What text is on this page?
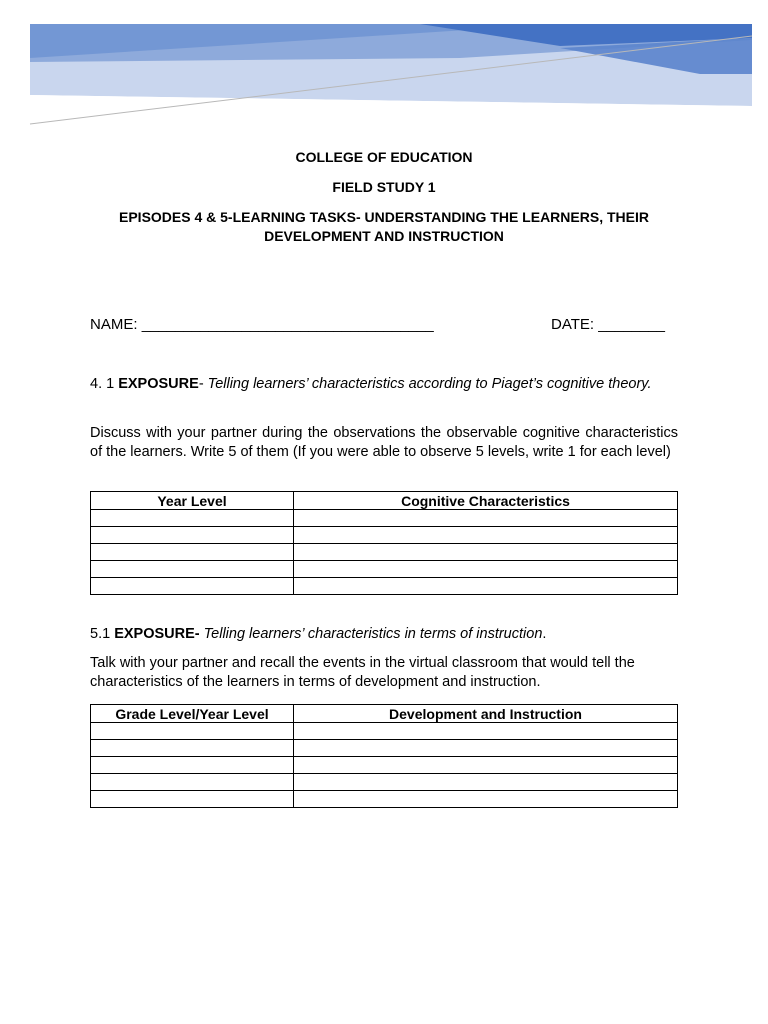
COLLEGE OF EDUCATION
FIELD STUDY 1
EPISODES 4 & 5-LEARNING TASKS- UNDERSTANDING THE LEARNERS, THEIR
DEVELOPMENT AND INSTRUCTION
NAME: ___________________________________	DATE: ________
4. 1 EXPOSURE- Telling learners’ characteristics according to Piaget’s cognitive theory.
Discuss with your partner during the observations the observable cognitive characteristics of the learners. Write 5 of them (If you were able to observe 5 levels, write 1 for each level)
Year Level	Cognitive Characteristics

5.1 EXPOSURE- Telling learners’ characteristics in terms of instruction.
Talk with your partner and recall the events in the virtual classroom that would tell the characteristics of the learners in terms of development and instruction.
Grade Level/Year Level	Development and Instruction
